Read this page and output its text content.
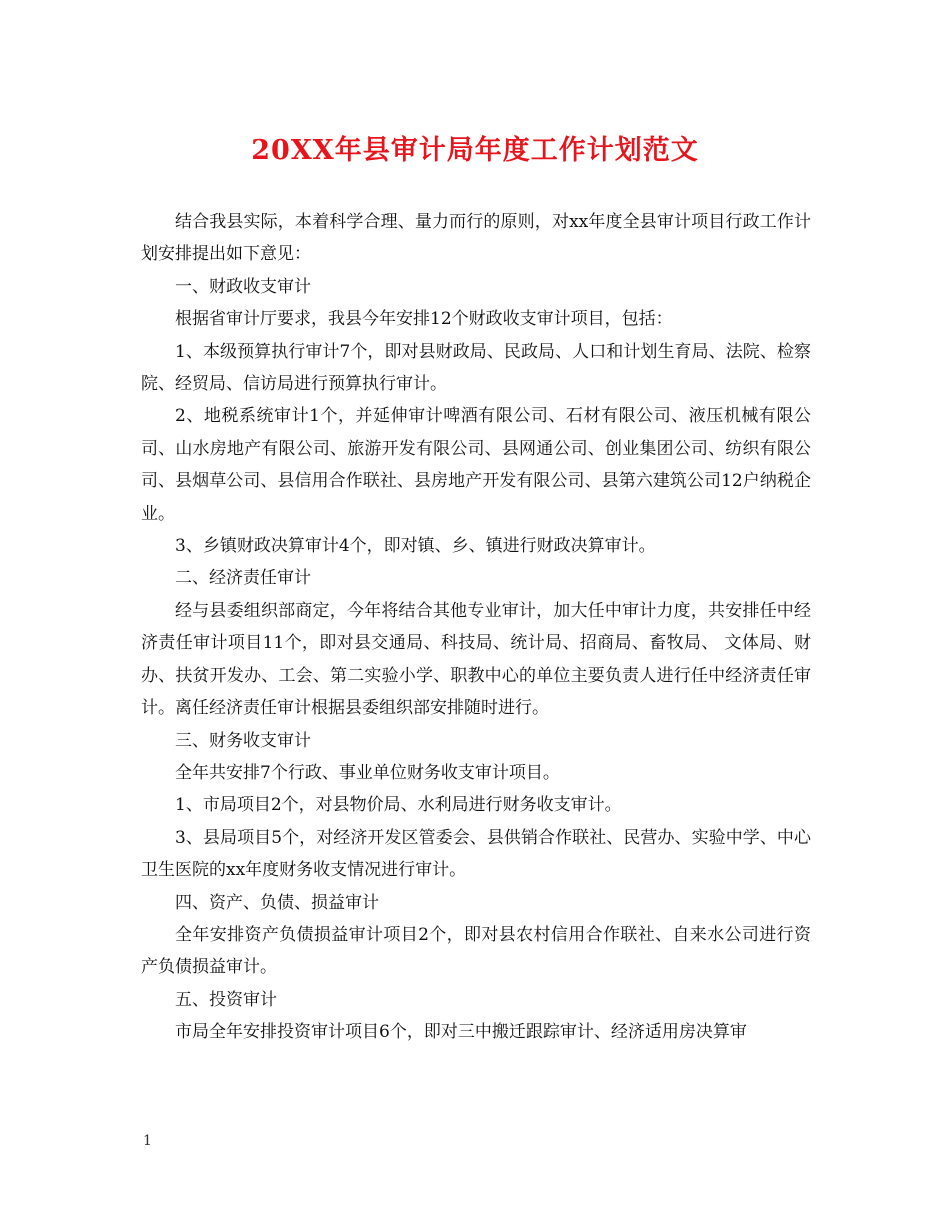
20XX年县审计局年度工作计划范文

结合我县实际，本着科学合理、量力而行的原则，对xx年度全县审计项目行政工作计划安排提出如下意见：

一、财政收支审计

根据省审计厅要求，我县今年安排12个财政收支审计项目，包括：

1、本级预算执行审计7个，即对县财政局、民政局、人口和计划生育局、法院、检察院、经贸局、信访局进行预算执行审计。

2、地税系统审计1个，并延伸审计啤酒有限公司、石材有限公司、液压机械有限公司、山水房地产有限公司、旅游开发有限公司、县网通公司、创业集团公司、纺织有限公司、县烟草公司、县信用合作联社、县房地产开发有限公司、县第六建筑公司12户纳税企业。

3、乡镇财政决算审计4个，即对镇、乡、镇进行财政决算审计。

二、经济责任审计

经与县委组织部商定，今年将结合其他专业审计，加大任中审计力度，共安排任中经济责任审计项目11个，即对县交通局、科技局、统计局、招商局、畜牧局、 文体局、财办、扶贫开发办、工会、第二实验小学、职教中心的单位主要负责人进行任中经济责任审计。离任经济责任审计根据县委组织部安排随时进行。

三、财务收支审计

全年共安排7个行政、事业单位财务收支审计项目。

1、市局项目2个，对县物价局、水利局进行财务收支审计。

3、县局项目5个，对经济开发区管委会、县供销合作联社、民营办、实验中学、中心卫生医院的xx年度财务收支情况进行审计。

四、资产、负债、损益审计

全年安排资产负债损益审计项目2个，即对县农村信用合作联社、自来水公司进行资产负债损益审计。

五、投资审计

市局全年安排投资审计项目6个，即对三中搬迁跟踪审计、经济适用房决算审

1
